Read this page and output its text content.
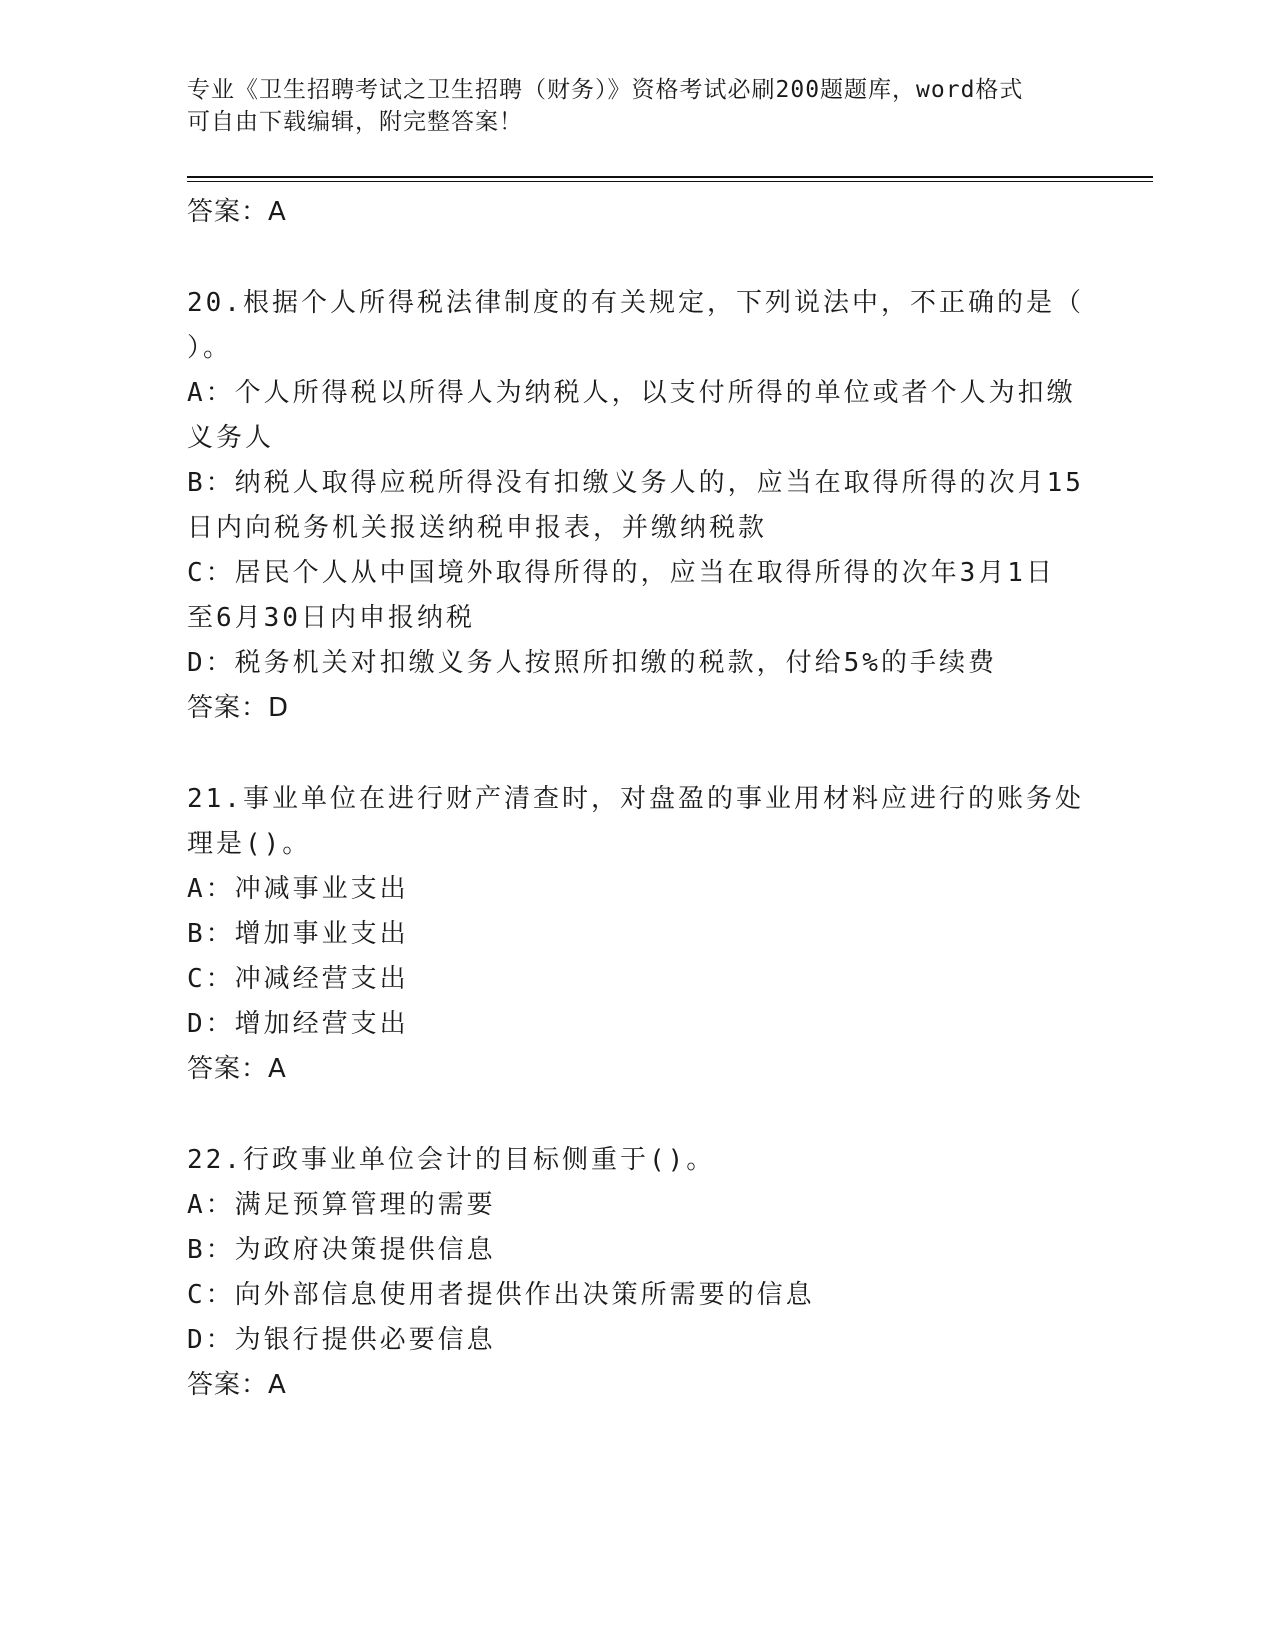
专业《卫生招聘考试之卫生招聘（财务）》资格考试必刷200题题库，word格式
可自由下载编辑，附完整答案！
答案：A
20.根据个人所得税法律制度的有关规定，下列说法中，不正确的是（
）。
A：个人所得税以所得人为纳税人，以支付所得的单位或者个人为扣缴
义务人
B：纳税人取得应税所得没有扣缴义务人的，应当在取得所得的次月15
日内向税务机关报送纳税申报表，并缴纳税款
C：居民个人从中国境外取得所得的，应当在取得所得的次年3月1日
至6月30日内申报纳税
D：税务机关对扣缴义务人按照所扣缴的税款，付给5%的手续费
答案：D
21.事业单位在进行财产清查时，对盘盈的事业用材料应进行的账务处
理是()。
A：冲减事业支出
B：增加事业支出
C：冲减经营支出
D：增加经营支出
答案：A
22.行政事业单位会计的目标侧重于()。
A：满足预算管理的需要
B：为政府决策提供信息
C：向外部信息使用者提供作出决策所需要的信息
D：为银行提供必要信息
答案：A
